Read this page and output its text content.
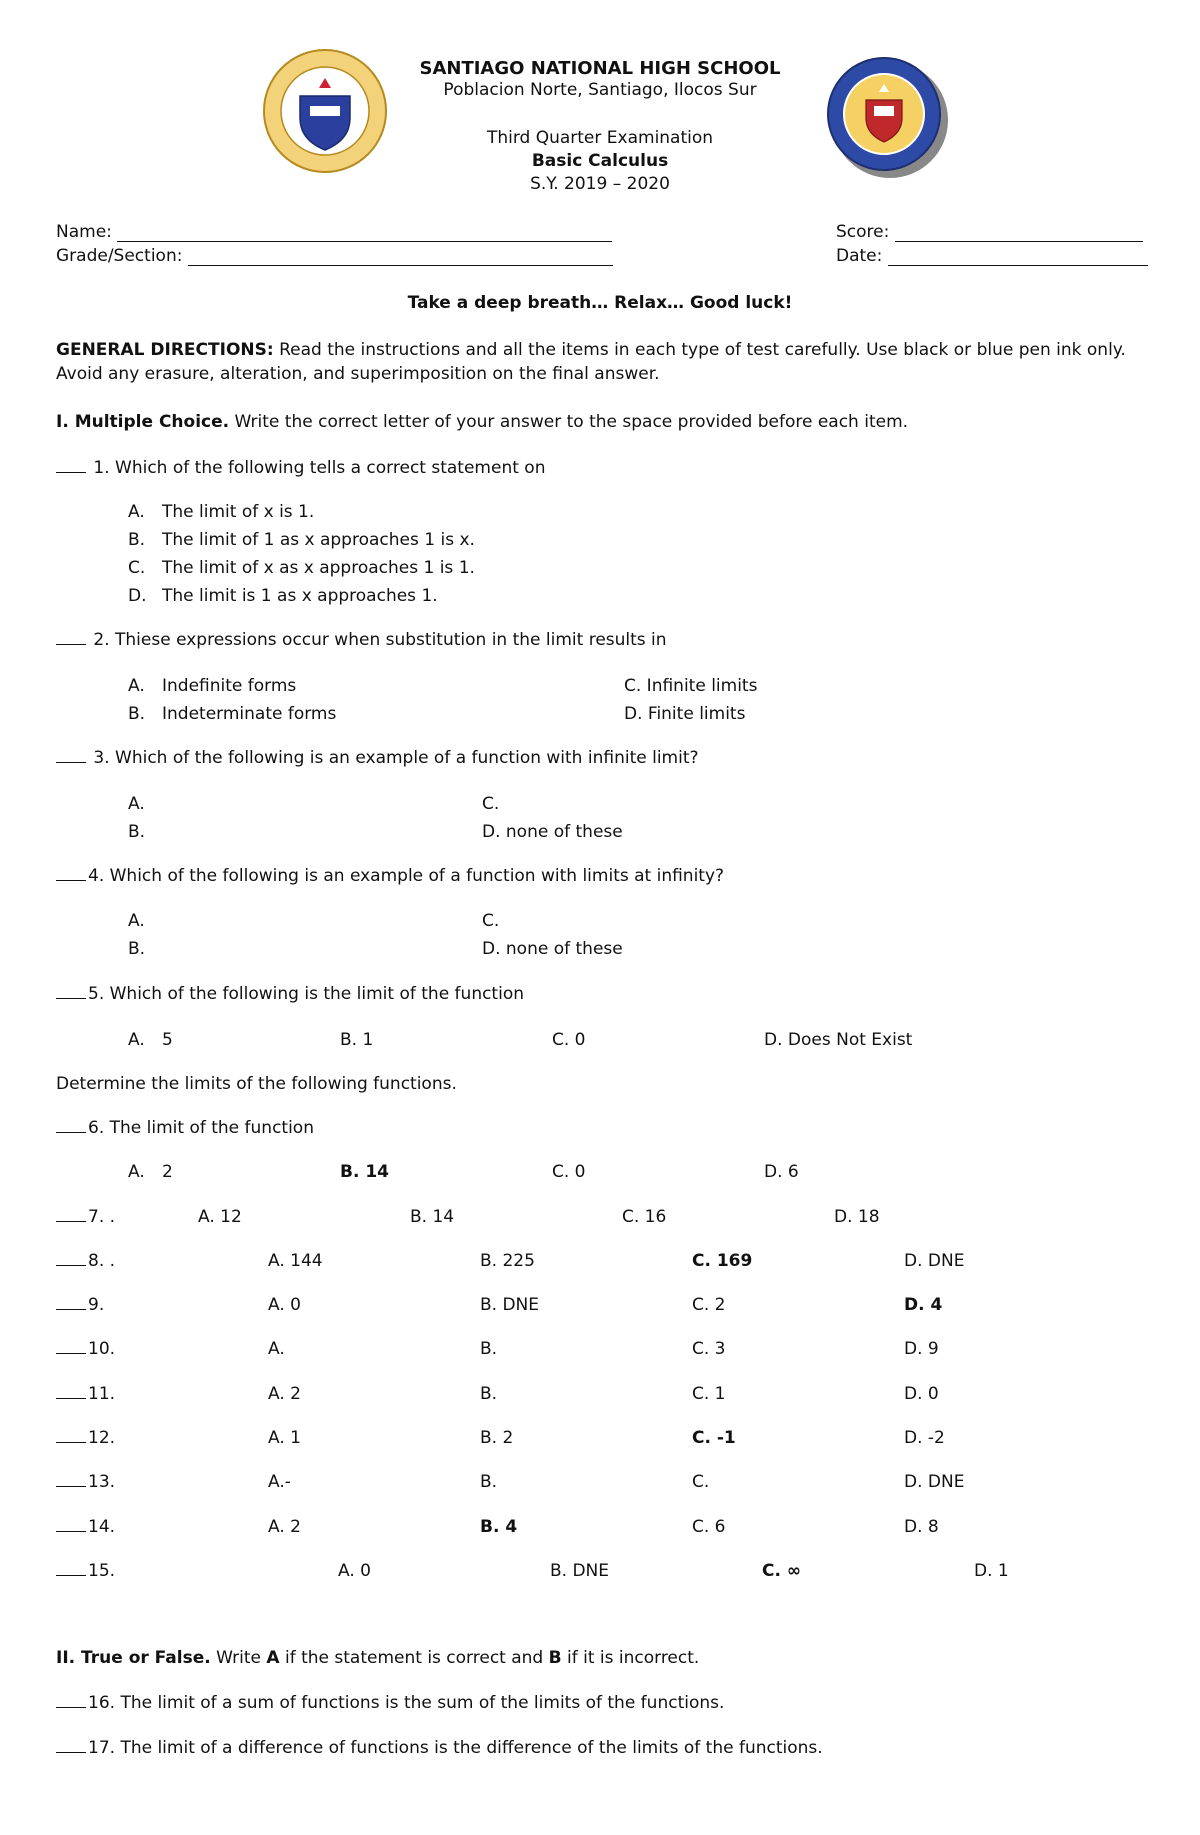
SANTIAGO NATIONAL HIGH SCHOOL
Poblacion Norte, Santiago, Ilocos Sur
Third Quarter Examination
Basic Calculus
S.Y. 2019 – 2020
Name:
Grade/Section:
Score:
Date:
Take a deep breath… Relax… Good luck!
GENERAL DIRECTIONS: Read the instructions and all the items in each type of test carefully. Use black or blue pen ink only.
Avoid any erasure, alteration, and superimposition on the final answer.
I. Multiple Choice. Write the correct letter of your answer to the space provided before each item.
1. Which of the following tells a correct statement on
A. The limit of x is 1.
B. The limit of 1 as x approaches 1 is x.
C. The limit of x as x approaches 1 is 1.
D. The limit is 1 as x approaches 1.
2. Thiese expressions occur when substitution in the limit results in
A. Indefinite forms
B. Indeterminate forms
C. Infinite limits
D. Finite limits
3. Which of the following is an example of a function with infinite limit?
A.
B.
C.
D. none of these
4. Which of the following is an example of a function with limits at infinity?
A.
B.
C.
D. none of these
5. Which of the following is the limit of the function
A. 5	B. 1	C. 0	D. Does Not Exist
Determine the limits of the following functions.
6. The limit of the function
A. 2	B. 14	C. 0	D. 6
7. .	A. 12	B. 14	C. 16	D. 18
8. .	A. 144	B. 225	C. 169	D. DNE
9.	A. 0	B. DNE	C. 2	D. 4
10.	A.	B.	C. 3	D. 9
11.	A. 2	B.	C. 1	D. 0
12.	A. 1	B. 2	C. -1	D. -2
13.	A.-	B.	C.	D. DNE
14.	A. 2	B. 4	C. 6	D. 8
15.	A. 0	B. DNE	C. ∞	D. 1
II. True or False. Write A if the statement is correct and B if it is incorrect.
16. The limit of a sum of functions is the sum of the limits of the functions.
17. The limit of a difference of functions is the difference of the limits of the functions.
